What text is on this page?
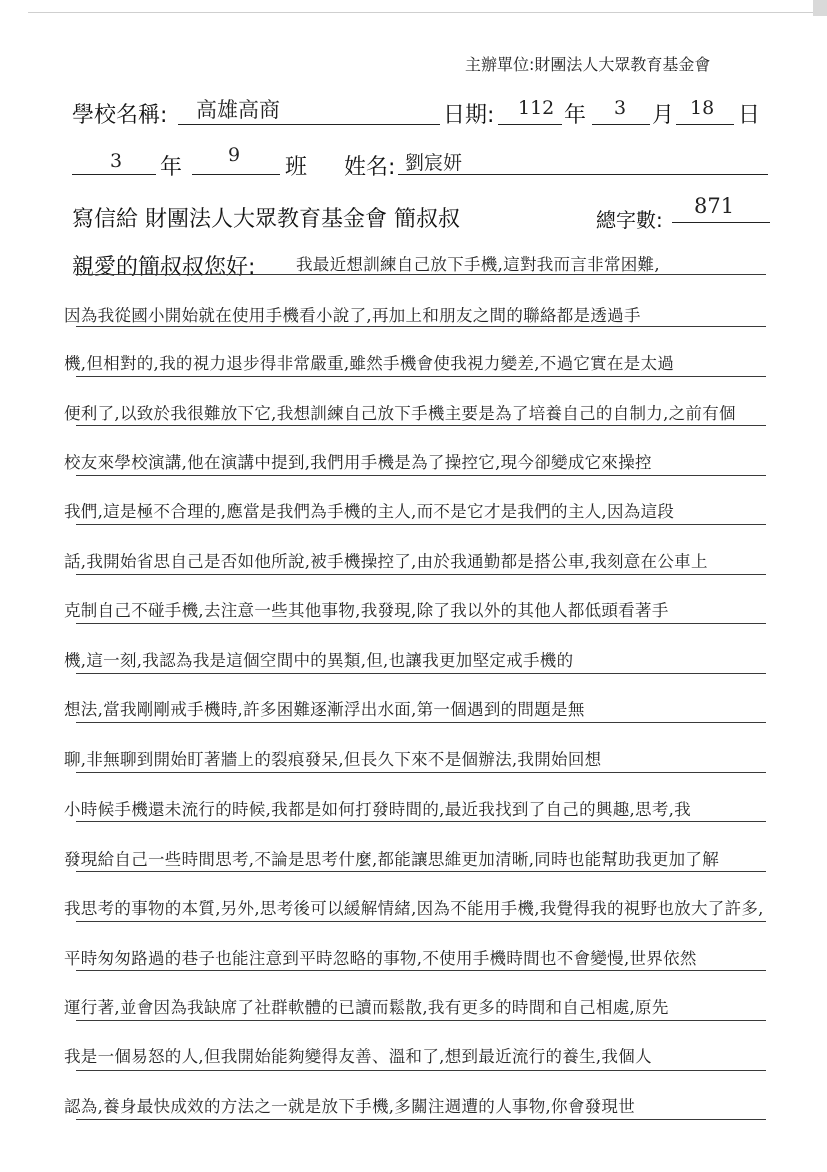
主辦單位:財團法人大眾教育基金會
學校名稱: 高雄高商	日期: 112 年 3 月 18 日
3 年 9 班 姓名: 劉宸妍
寫信給 財團法人大眾教育基金會 簡叔叔	總字數:
871
親愛的簡叔叔您好: 我最近想訓練自己放下手機,這對我而言非常困難,
因為我從國小開始就在使用手機看小說了,再加上和朋友之間的聯絡都是透過手
機,但相對的,我的視力退步得非常嚴重,雖然手機會使我視力變差,不過它實在是太過
便利了,以致於我很難放下它,我想訓練自己放下手機主要是為了培養自己的自制力,之前有個
校友來學校演講,他在演講中提到,我們用手機是為了操控它,現今卻變成它來操控
我們,這是極不合理的,應當是我們為手機的主人,而不是它才是我們的主人,因為這段
話,我開始省思自己是否如他所說,被手機操控了,由於我通勤都是搭公車,我刻意在公車上
克制自己不碰手機,去注意一些其他事物,我發現,除了我以外的其他人都低頭看著手
機,這一刻,我認為我是這個空間中的異類,但,也讓我更加堅定戒手機的
想法,當我剛剛戒手機時,許多困難逐漸浮出水面,第一個遇到的問題是無
聊,非無聊到開始盯著牆上的裂痕發呆,但長久下來不是個辦法,我開始回想
小時候手機還未流行的時候,我都是如何打發時間的,最近我找到了自己的興趣,思考,我
發現給自己一些時間思考,不論是思考什麼,都能讓思維更加清晰,同時也能幫助我更加了解
我思考的事物的本質,另外,思考後可以緩解情緒,因為不能用手機,我覺得我的視野也放大了許多,
平時匆匆路過的巷子也能注意到平時忽略的事物,不使用手機時間也不會變慢,世界依然
運行著,並會因為我缺席了社群軟體的已讀而鬆散,我有更多的時間和自己相處,原先
我是一個易怒的人,但我開始能夠變得友善、溫和了,想到最近流行的養生,我個人
認為,養身最快成效的方法之一就是放下手機,多關注週遭的人事物,你會發現世
